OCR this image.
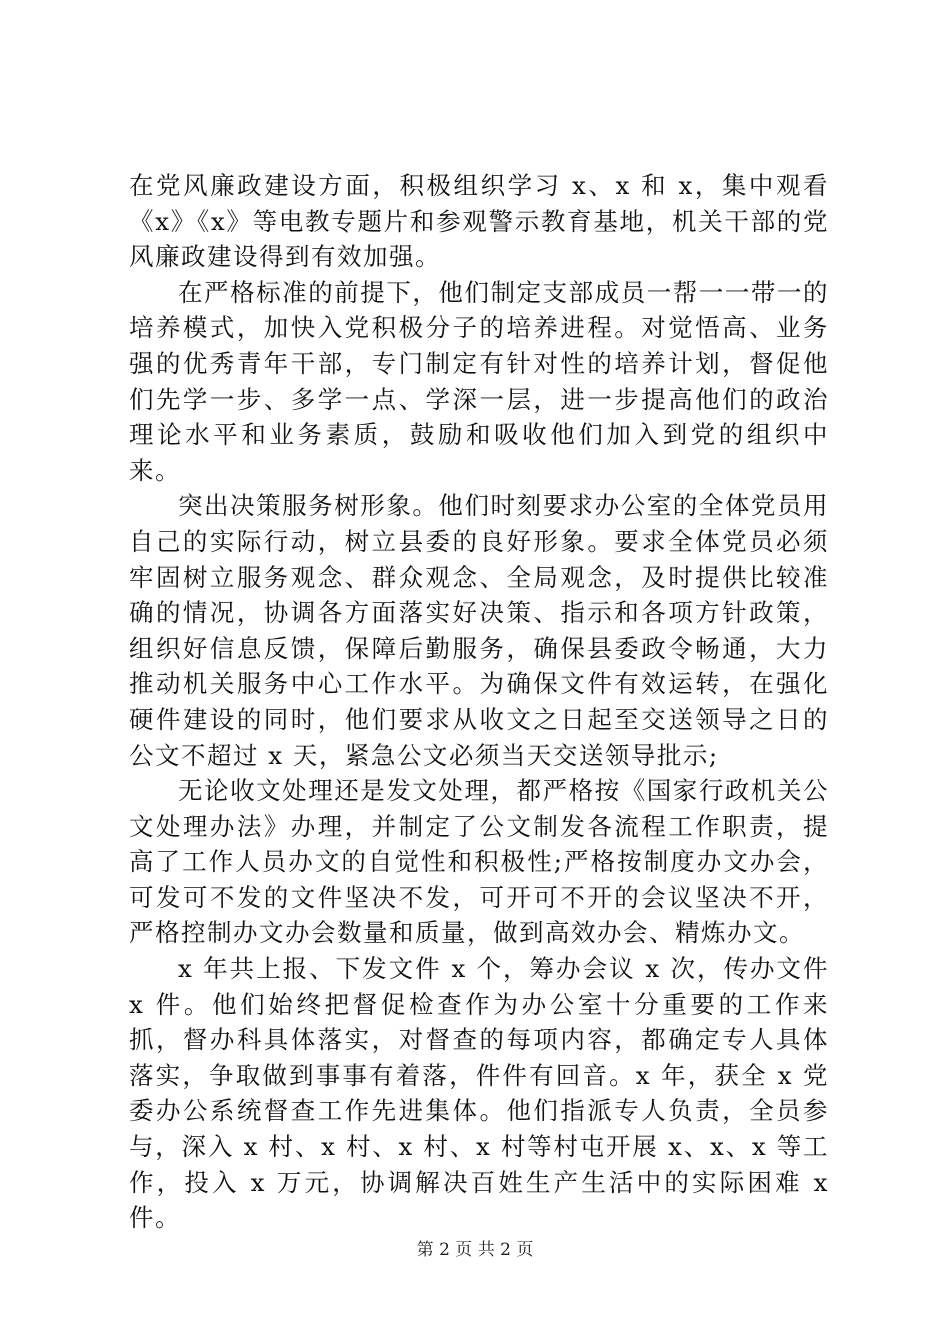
在党风廉政建设方面，积极组织学习 x、x 和 x，集中观看《x》《x》等电教专题片和参观警示教育基地，机关干部的党风廉政建设得到有效加强。

在严格标准的前提下，他们制定支部成员一帮一一带一的培养模式，加快入党积极分子的培养进程。对觉悟高、业务强的优秀青年干部，专门制定有针对性的培养计划，督促他们先学一步、多学一点、学深一层，进一步提高他们的政治理论水平和业务素质，鼓励和吸收他们加入到党的组织中来。

突出决策服务树形象。他们时刻要求办公室的全体党员用自己的实际行动，树立县委的良好形象。要求全体党员必须牢固树立服务观念、群众观念、全局观念，及时提供比较准确的情况，协调各方面落实好决策、指示和各项方针政策，组织好信息反馈，保障后勤服务，确保县委政令畅通，大力推动机关服务中心工作水平。为确保文件有效运转，在强化硬件建设的同时，他们要求从收文之日起至交送领导之日的公文不超过 x 天，紧急公文必须当天交送领导批示;

无论收文处理还是发文处理，都严格按《国家行政机关公文处理办法》办理，并制定了公文制发各流程工作职责，提高了工作人员办文的自觉性和积极性;严格按制度办文办会，可发可不发的文件坚决不发，可开可不开的会议坚决不开，严格控制办文办会数量和质量，做到高效办会、精炼办文。

x 年共上报、下发文件 x 个，筹办会议 x 次，传办文件 x 件。他们始终把督促检查作为办公室十分重要的工作来抓，督办科具体落实，对督查的每项内容，都确定专人具体落实，争取做到事事有着落，件件有回音。x 年，获全 x 党委办公系统督查工作先进集体。他们指派专人负责，全员参与，深入 x 村、x 村、x 村、x 村等村屯开展 x、x、x 等工作，投入 x 万元，协调解决百姓生产生活中的实际困难 x 件。

第 2 页 共 2 页
